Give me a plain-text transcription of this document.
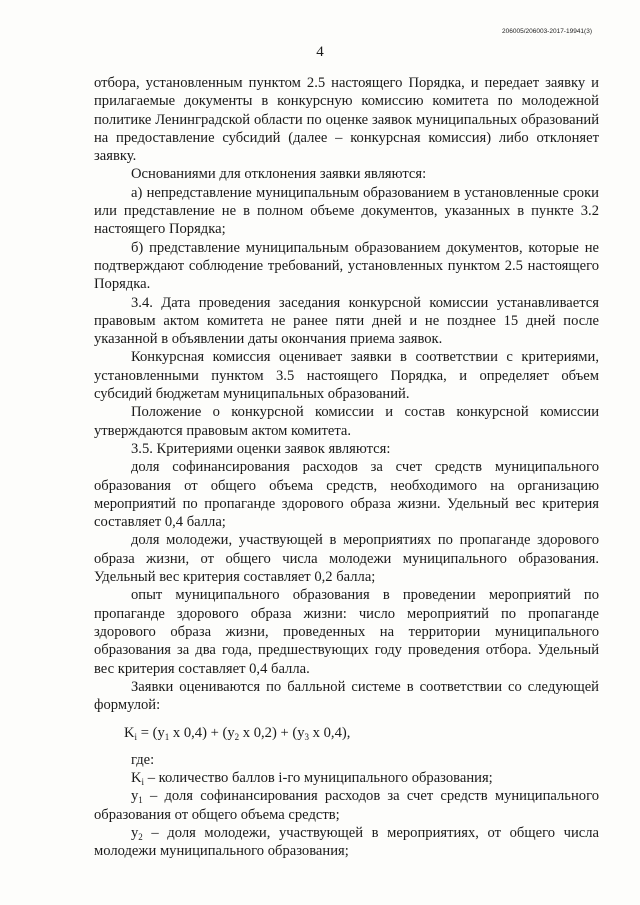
206005/206003-2017-19941(3)
4

отбора, установленным пунктом 2.5 настоящего Порядка, и передает заявку и прилагаемые документы в конкурсную комиссию комитета по молодежной политике Ленинградской области по оценке заявок муниципальных образований на предоставление субсидий (далее – конкурсная комиссия) либо отклоняет заявку.

Основаниями для отклонения заявки являются:

а) непредставление муниципальным образованием в установленные сроки или представление не в полном объеме документов, указанных в пункте 3.2 настоящего Порядка;

б) представление муниципальным образованием документов, которые не подтверждают соблюдение требований, установленных пунктом 2.5 настоящего Порядка.

3.4. Дата проведения заседания конкурсной комиссии устанавливается правовым актом комитета не ранее пяти дней и не позднее 15 дней после указанной в объявлении даты окончания приема заявок.

Конкурсная комиссия оценивает заявки в соответствии с критериями, установленными пунктом 3.5 настоящего Порядка, и определяет объем субсидий бюджетам муниципальных образований.

Положение о конкурсной комиссии и состав конкурсной комиссии утверждаются правовым актом комитета.

3.5. Критериями оценки заявок являются:

доля софинансирования расходов за счет средств муниципального образования от общего объема средств, необходимого на организацию мероприятий по пропаганде здорового образа жизни. Удельный вес критерия составляет 0,4 балла;

доля молодежи, участвующей в мероприятиях по пропаганде здорового образа жизни, от общего числа молодежи муниципального образования. Удельный вес критерия составляет 0,2 балла;

опыт муниципального образования в проведении мероприятий по пропаганде здорового образа жизни: число мероприятий по пропаганде здорового образа жизни, проведенных на территории муниципального образования за два года, предшествующих году проведения отбора. Удельный вес критерия составляет 0,4 балла.

Заявки оцениваются по балльной системе в соответствии со следующей формулой:

$K_i = (y_1$ x $0,4) + (y_2$ x $0,2) + (y_3$ x 0,4),

где:

$K_i$ – количество баллов i-го муниципального образования;

$y_1$ – доля софинансирования расходов за счет средств муниципального образования от общего объема средств;

$y_2$ – доля молодежи, участвующей в мероприятиях, от общего числа молодежи муниципального образования;
